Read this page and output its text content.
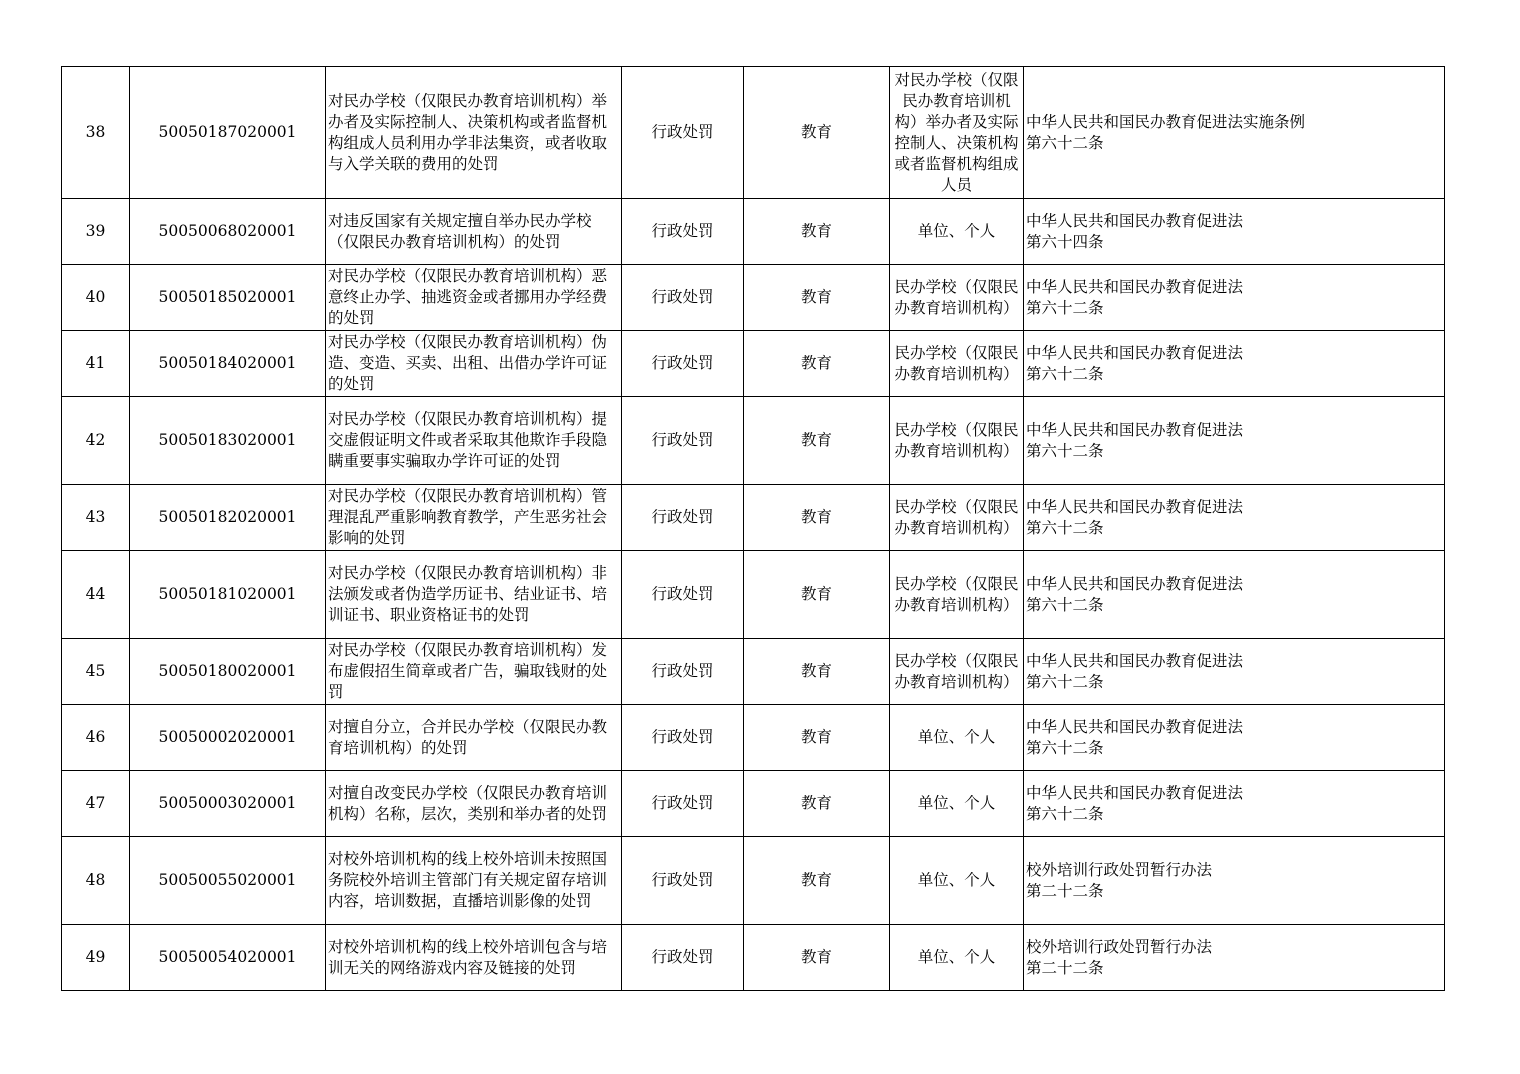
38	50050187020001	对民办学校（仅限民办教育培训机构）举办者及实际控制人、决策机构或者监督机构组成人员利用办学非法集资，或者收取与入学关联的费用的处罚	行政处罚	教育	对民办学校（仅限民办教育培训机构）举办者及实际控制人、决策机构或者监督机构组成人员	中华人民共和国民办教育促进法实施条例
第六十二条

39	50050068020001	对违反国家有关规定擅自举办民办学校（仅限民办教育培训机构）的处罚	行政处罚	教育	单位、个人	中华人民共和国民办教育促进法
第六十四条

40	50050185020001	对民办学校（仅限民办教育培训机构）恶意终止办学、抽逃资金或者挪用办学经费的处罚	行政处罚	教育	民办学校（仅限民办教育培训机构）	中华人民共和国民办教育促进法
第六十二条

41	50050184020001	对民办学校（仅限民办教育培训机构）伪造、变造、买卖、出租、出借办学许可证的处罚	行政处罚	教育	民办学校（仅限民办教育培训机构）	中华人民共和国民办教育促进法
第六十二条

42	50050183020001	对民办学校（仅限民办教育培训机构）提交虚假证明文件或者采取其他欺诈手段隐瞒重要事实骗取办学许可证的处罚	行政处罚	教育	民办学校（仅限民办教育培训机构）	中华人民共和国民办教育促进法
第六十二条

43	50050182020001	对民办学校（仅限民办教育培训机构）管理混乱严重影响教育教学，产生恶劣社会影响的处罚	行政处罚	教育	民办学校（仅限民办教育培训机构）	中华人民共和国民办教育促进法
第六十二条

44	50050181020001	对民办学校（仅限民办教育培训机构）非法颁发或者伪造学历证书、结业证书、培训证书、职业资格证书的处罚	行政处罚	教育	民办学校（仅限民办教育培训机构）	中华人民共和国民办教育促进法
第六十二条

45	50050180020001	对民办学校（仅限民办教育培训机构）发布虚假招生简章或者广告，骗取钱财的处罚	行政处罚	教育	民办学校（仅限民办教育培训机构）	中华人民共和国民办教育促进法
第六十二条

46	50050002020001	对擅自分立，合并民办学校（仅限民办教育培训机构）的处罚	行政处罚	教育	单位、个人	中华人民共和国民办教育促进法
第六十二条

47	50050003020001	对擅自改变民办学校（仅限民办教育培训机构）名称，层次，类别和举办者的处罚	行政处罚	教育	单位、个人	中华人民共和国民办教育促进法
第六十二条

48	50050055020001	对校外培训机构的线上校外培训未按照国务院校外培训主管部门有关规定留存培训内容，培训数据，直播培训影像的处罚	行政处罚	教育	单位、个人	校外培训行政处罚暂行办法
第二十二条

49	50050054020001	对校外培训机构的线上校外培训包含与培训无关的网络游戏内容及链接的处罚	行政处罚	教育	单位、个人	校外培训行政处罚暂行办法
第二十二条
